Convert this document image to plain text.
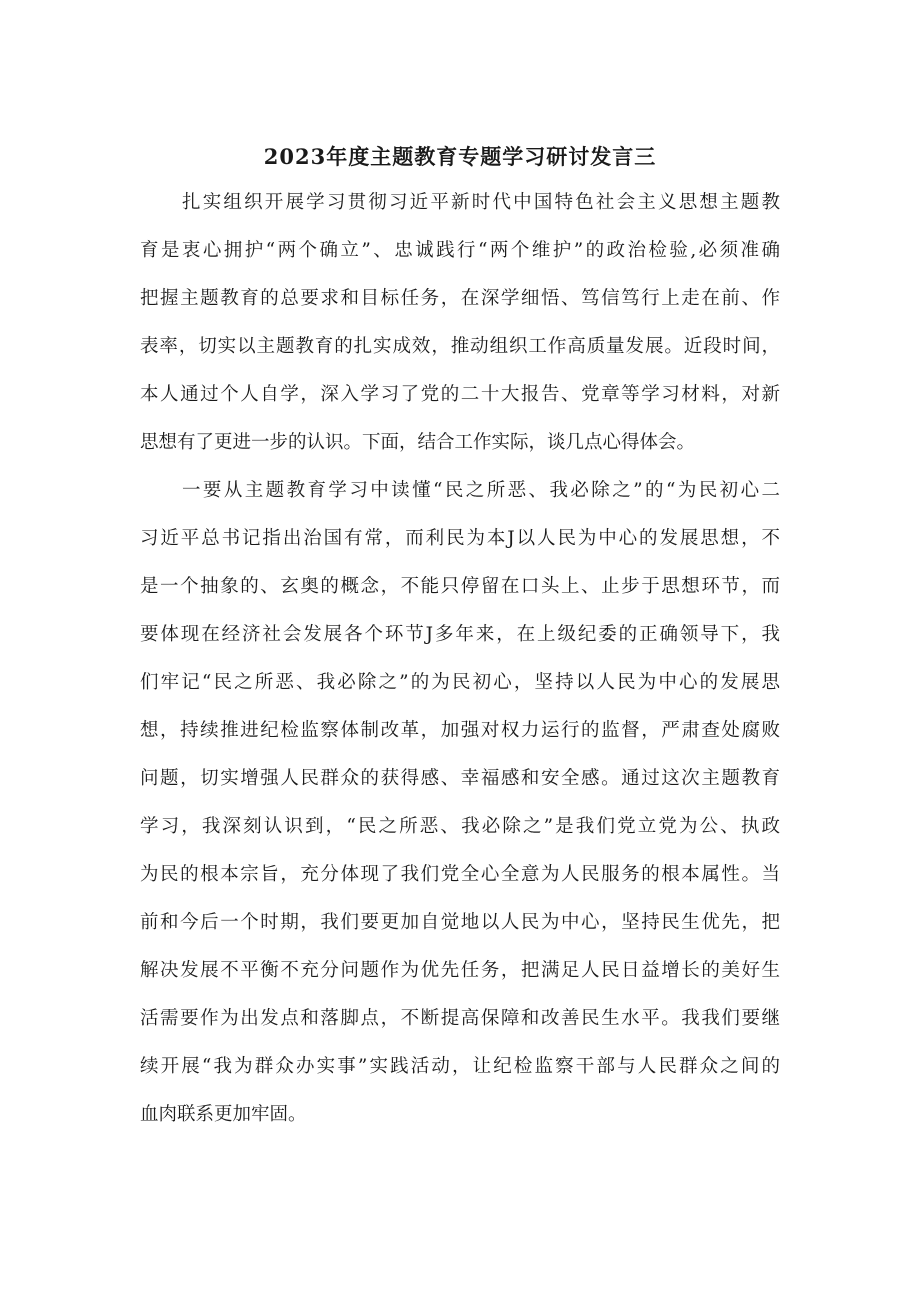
2023年度主题教育专题学习研讨发言三

扎实组织开展学习贯彻习近平新时代中国特色社会主义思想主题教

育是衷心拥护“两个确立”、忠诚践行“两个维护”的政治检验,必须准确

把握主题教育的总要求和目标任务，在深学细悟、笃信笃行上走在前、作

表率，切实以主题教育的扎实成效，推动组织工作高质量发展。近段时间，

本人通过个人自学，深入学习了党的二十大报告、党章等学习材料，对新

思想有了更进一步的认识。下面，结合工作实际，谈几点心得体会。

一要从主题教育学习中读懂“民之所恶、我必除之”的“为民初心二

习近平总书记指出治国有常，而利民为本J以人民为中心的发展思想，不

是一个抽象的、玄奥的概念，不能只停留在口头上、止步于思想环节，而

要体现在经济社会发展各个环节J多年来，在上级纪委的正确领导下，我

们牢记“民之所恶、我必除之”的为民初心，坚持以人民为中心的发展思

想，持续推进纪检监察体制改革，加强对权力运行的监督，严肃查处腐败

问题，切实增强人民群众的获得感、幸福感和安全感。通过这次主题教育

学习，我深刻认识到，“民之所恶、我必除之”是我们党立党为公、执政

为民的根本宗旨，充分体现了我们党全心全意为人民服务的根本属性。当

前和今后一个时期，我们要更加自觉地以人民为中心，坚持民生优先，把

解决发展不平衡不充分问题作为优先任务，把满足人民日益增长的美好生

活需要作为出发点和落脚点，不断提高保障和改善民生水平。我我们要继

续开展“我为群众办实事”实践活动，让纪检监察干部与人民群众之间的

血肉联系更加牢固。
